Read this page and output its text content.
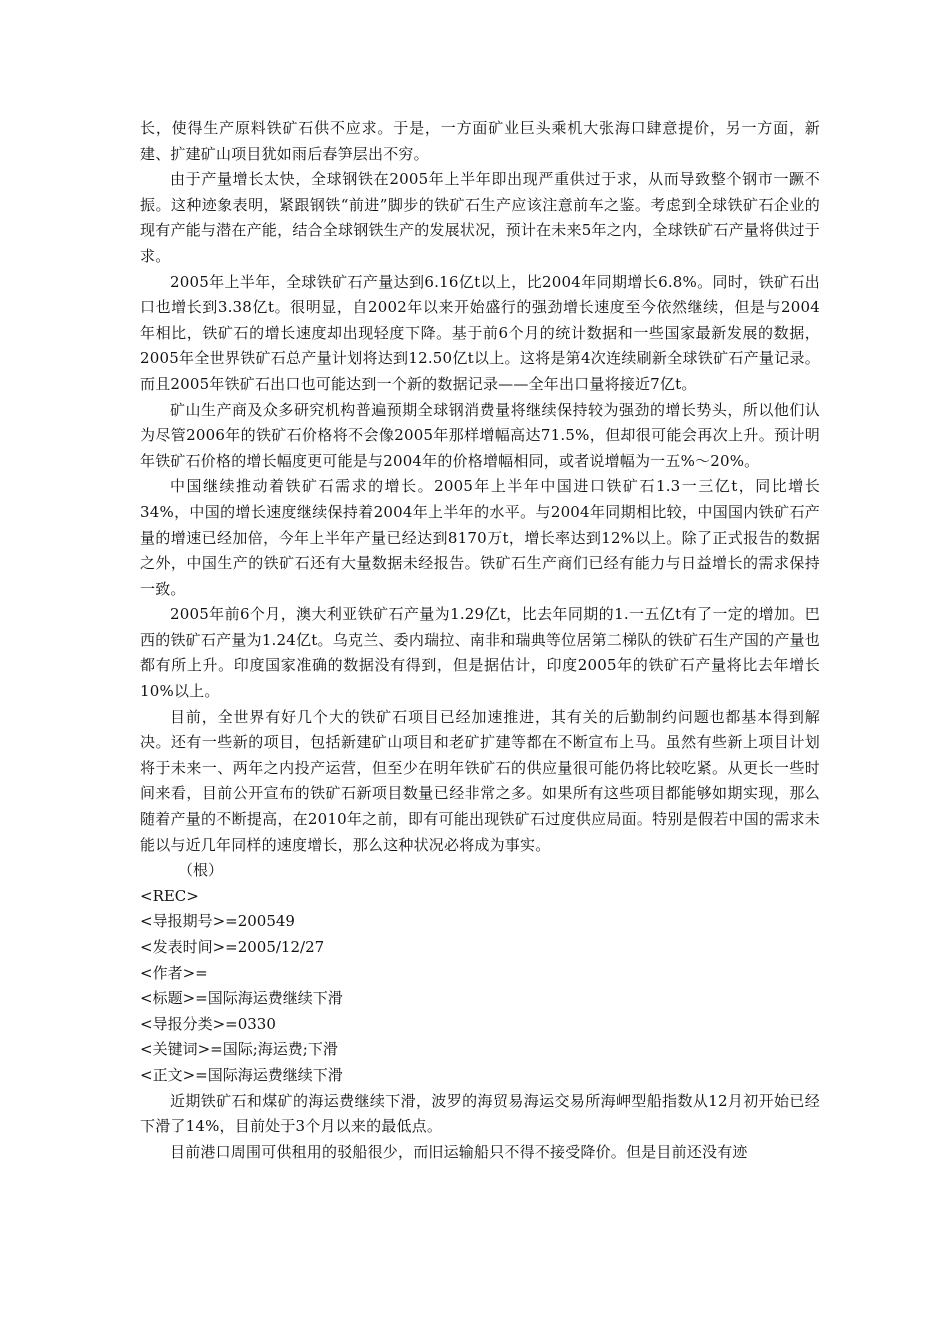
长，使得生产原料铁矿石供不应求。于是，一方面矿业巨头乘机大张海口肆意提价，另一方面，新建、扩建矿山项目犹如雨后春笋层出不穷。

由于产量增长太快，全球钢铁在2005年上半年即出现严重供过于求，从而导致整个钢市一蹶不振。这种迹象表明，紧跟钢铁“前进”脚步的铁矿石生产应该注意前车之鉴。考虑到全球铁矿石企业的现有产能与潜在产能，结合全球钢铁生产的发展状况，预计在未来5年之内，全球铁矿石产量将供过于求。

2005年上半年，全球铁矿石产量达到6.16亿t以上，比2004年同期增长6.8%。同时，铁矿石出口也增长到3.38亿t。很明显，自2002年以来开始盛行的强劲增长速度至今依然继续，但是与2004年相比，铁矿石的增长速度却出现轻度下降。基于前6个月的统计数据和一些国家最新发展的数据，2005年全世界铁矿石总产量计划将达到12.50亿t以上。这将是第4次连续刷新全球铁矿石产量记录。而且2005年铁矿石出口也可能达到一个新的数据记录——全年出口量将接近7亿t。

矿山生产商及众多研究机构普遍预期全球钢消费量将继续保持较为强劲的增长势头，所以他们认为尽管2006年的铁矿石价格将不会像2005年那样增幅高达71.5%，但却很可能会再次上升。预计明年铁矿石价格的增长幅度更可能是与2004年的价格增幅相同，或者说增幅为一五%～20%。

中国继续推动着铁矿石需求的增长。2005年上半年中国进口铁矿石1.3一三亿t，同比增长34%，中国的增长速度继续保持着2004年上半年的水平。与2004年同期相比较，中国国内铁矿石产量的增速已经加倍，今年上半年产量已经达到8170万t，增长率达到12%以上。除了正式报告的数据之外，中国生产的铁矿石还有大量数据未经报告。铁矿石生产商们已经有能力与日益增长的需求保持一致。

2005年前6个月，澳大利亚铁矿石产量为1.29亿t，比去年同期的1.一五亿t有了一定的增加。巴西的铁矿石产量为1.24亿t。乌克兰、委内瑞拉、南非和瑞典等位居第二梯队的铁矿石生产国的产量也都有所上升。印度国家准确的数据没有得到，但是据估计，印度2005年的铁矿石产量将比去年增长10%以上。

目前，全世界有好几个大的铁矿石项目已经加速推进，其有关的后勤制约问题也都基本得到解决。还有一些新的项目，包括新建矿山项目和老矿扩建等都在不断宣布上马。虽然有些新上项目计划将于未来一、两年之内投产运营，但至少在明年铁矿石的供应量很可能仍将比较吃紧。从更长一些时间来看，目前公开宣布的铁矿石新项目数量已经非常之多。如果所有这些项目都能够如期实现，那么随着产量的不断提高，在2010年之前，即有可能出现铁矿石过度供应局面。特别是假若中国的需求未能以与近几年同样的速度增长，那么这种状况必将成为事实。

（根）

<REC>

<导报期号>=200549

<发表时间>=2005/12/27

<作者>=

<标题>=国际海运费继续下滑

<导报分类>=0330

<关键词>=国际;海运费;下滑

<正文>=国际海运费继续下滑

近期铁矿石和煤矿的海运费继续下滑，波罗的海贸易海运交易所海岬型船指数从12月初开始已经下滑了14%，目前处于3个月以来的最低点。

目前港口周围可供租用的驳船很少，而旧运输船只不得不接受降价。但是目前还没有迹
